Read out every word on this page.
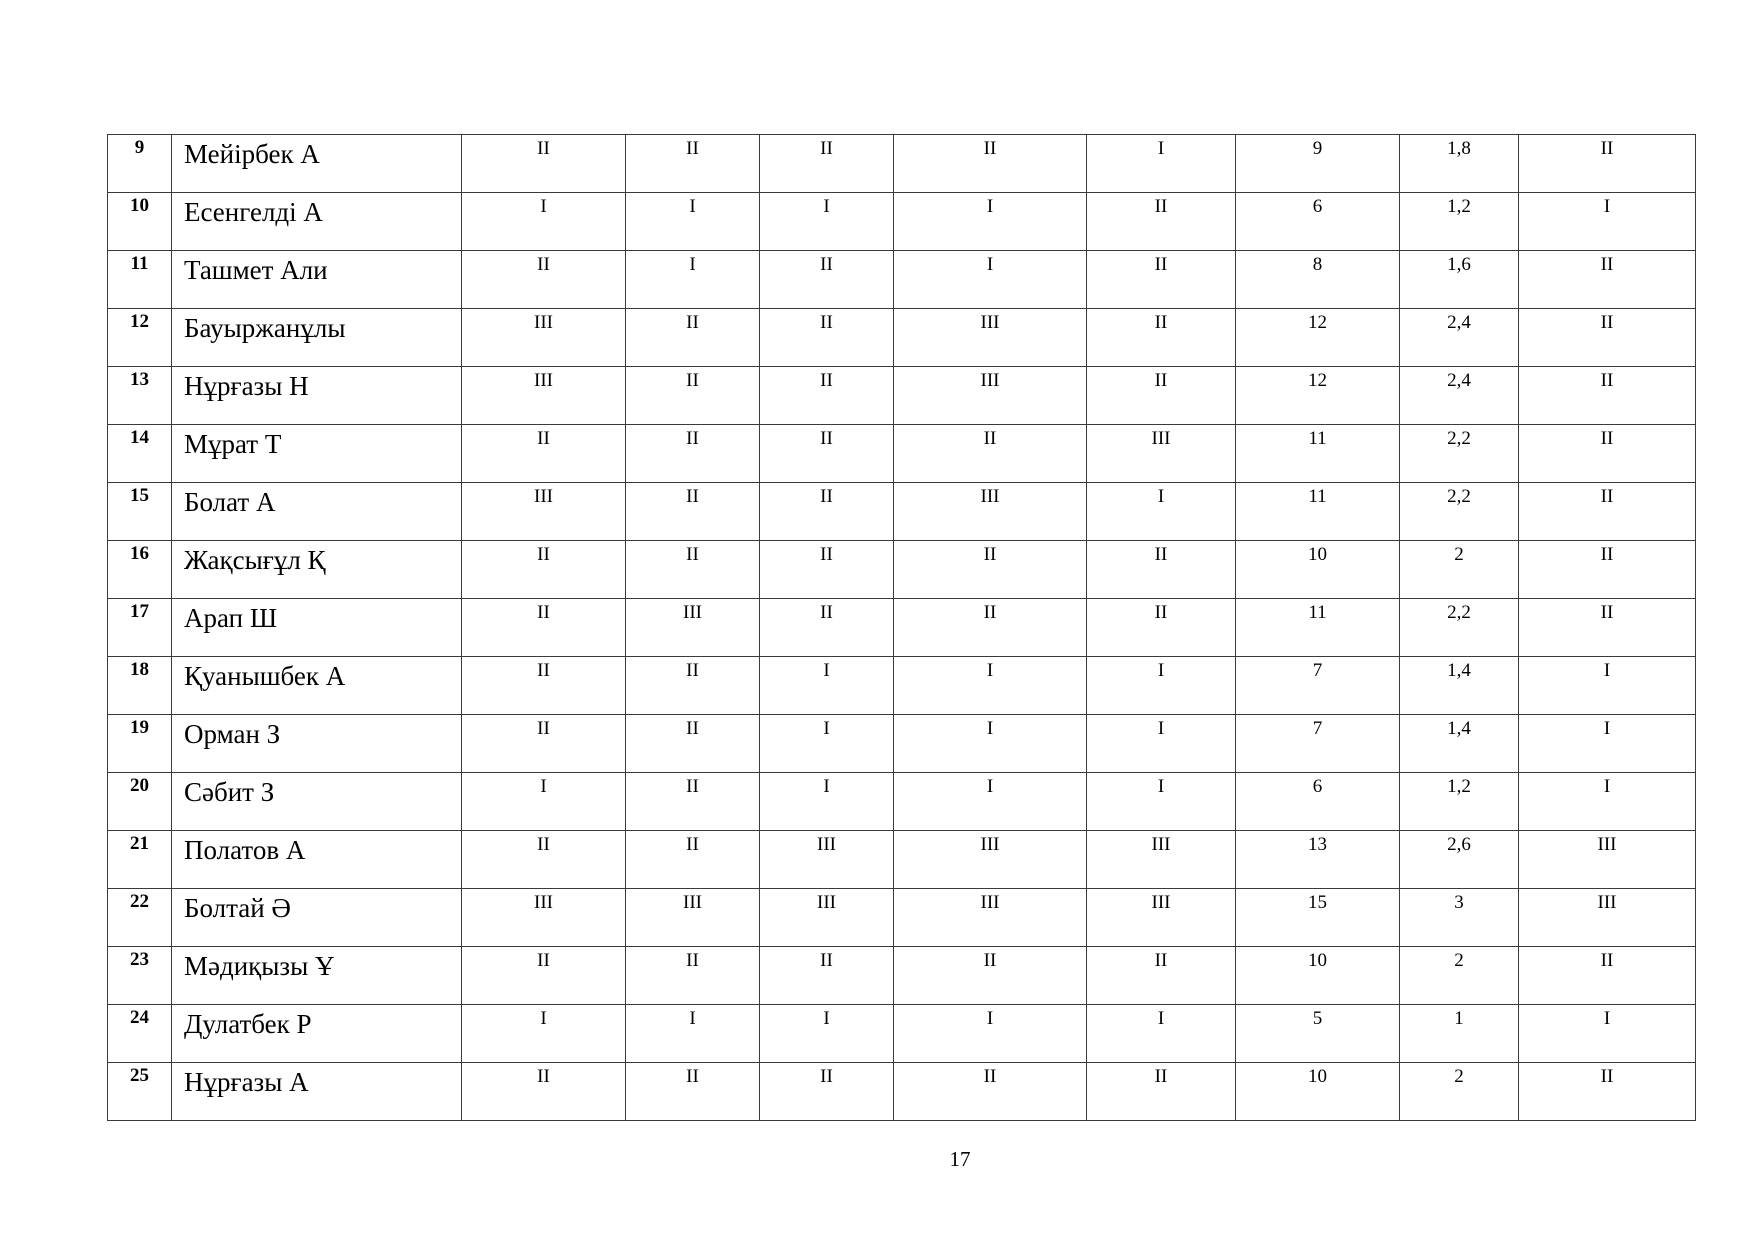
9	Мейірбек А	II	II	II	II	I	9	1,8	II
10	Есенгелді А	I	I	I	I	II	6	1,2	I
11	Ташмет Али	II	I	II	I	II	8	1,6	II
12	Бауыржанұлы	III	II	II	III	II	12	2,4	II
13	Нұрғазы Н	III	II	II	III	II	12	2,4	II
14	Мұрат Т	II	II	II	II	III	11	2,2	II
15	Болат А	III	II	II	III	I	11	2,2	II
16	Жақсығұл Қ	II	II	II	II	II	10	2	II
17	Арап Ш	II	III	II	II	II	11	2,2	II
18	Қуанышбек А	II	II	I	I	I	7	1,4	I
19	Орман З	II	II	I	I	I	7	1,4	I
20	Сәбит З	I	II	I	I	I	6	1,2	I
21	Полатов А	II	II	III	III	III	13	2,6	III
22	Болтай Ә	III	III	III	III	III	15	3	III
23	Мәдиқызы Ұ	II	II	II	II	II	10	2	II
24	Дулатбек Р	I	I	I	I	I	5	1	I
25	Нұрғазы А	II	II	II	II	II	10	2	II
17
